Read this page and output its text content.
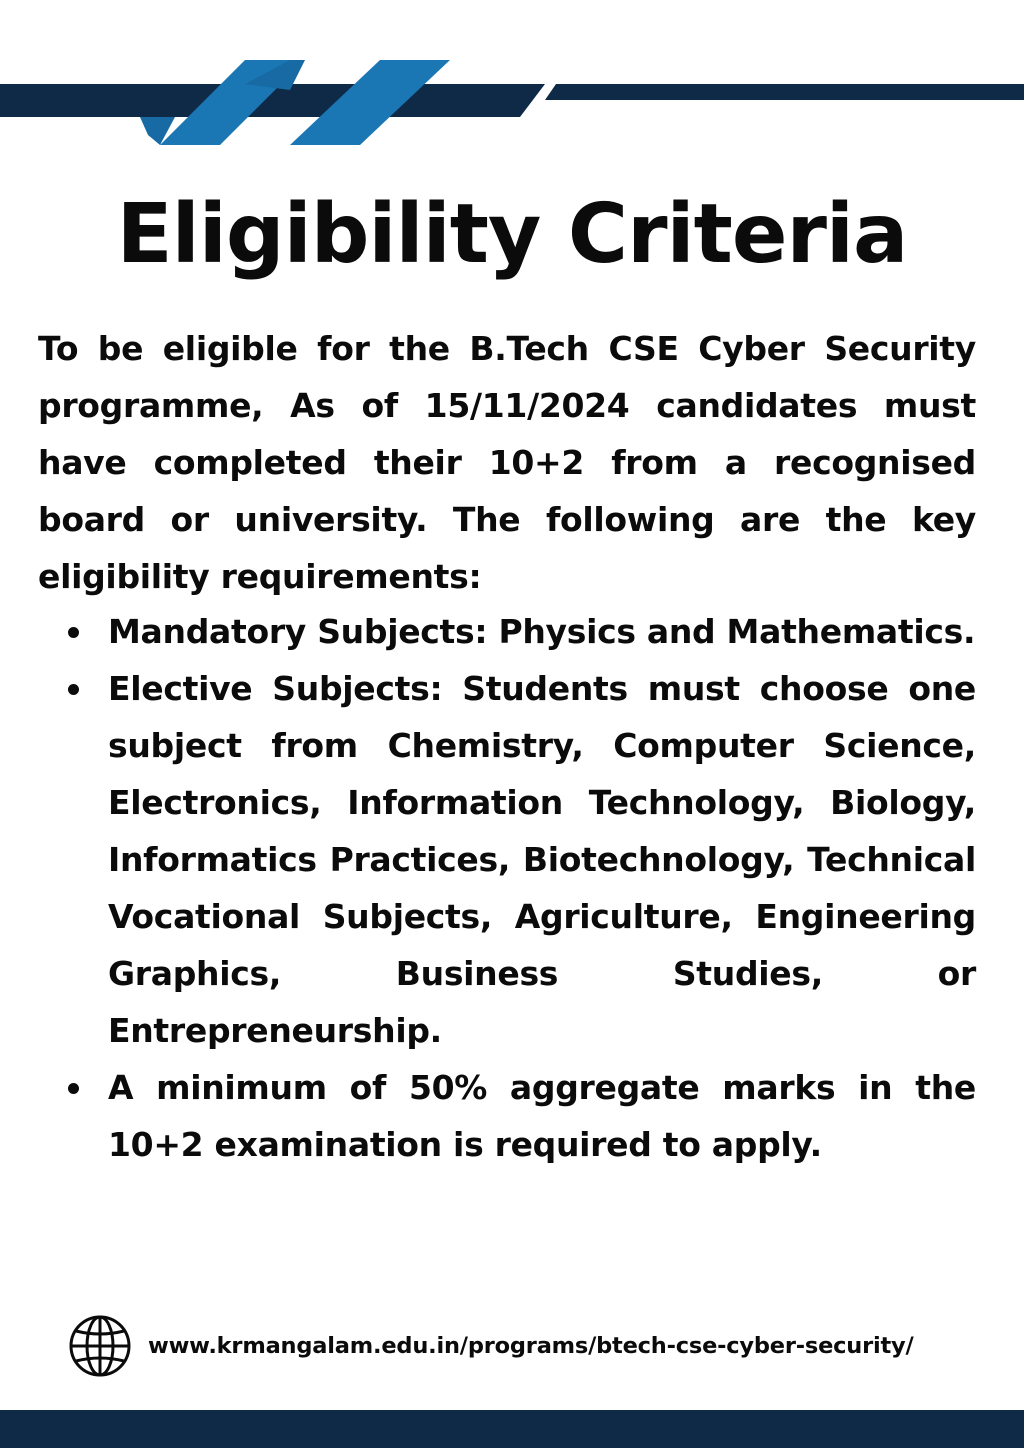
Eligibility Criteria

To be eligible for the B.Tech CSE Cyber Security programme, As of 15/11/2024 candidates must have completed their 10+2 from a recognised board or university. The following are the key eligibility requirements:

Mandatory Subjects: Physics and Mathematics.
Elective Subjects: Students must choose one subject from Chemistry, Computer Science, Electronics, Information Technology, Biology, Informatics Practices, Biotechnology, Technical Vocational Subjects, Agriculture, Engineering Graphics, Business Studies, or Entrepreneurship.
A minimum of 50% aggregate marks in the 10+2 examination is required to apply.
www.krmangalam.edu.in/programs/btech-cse-cyber-security/
